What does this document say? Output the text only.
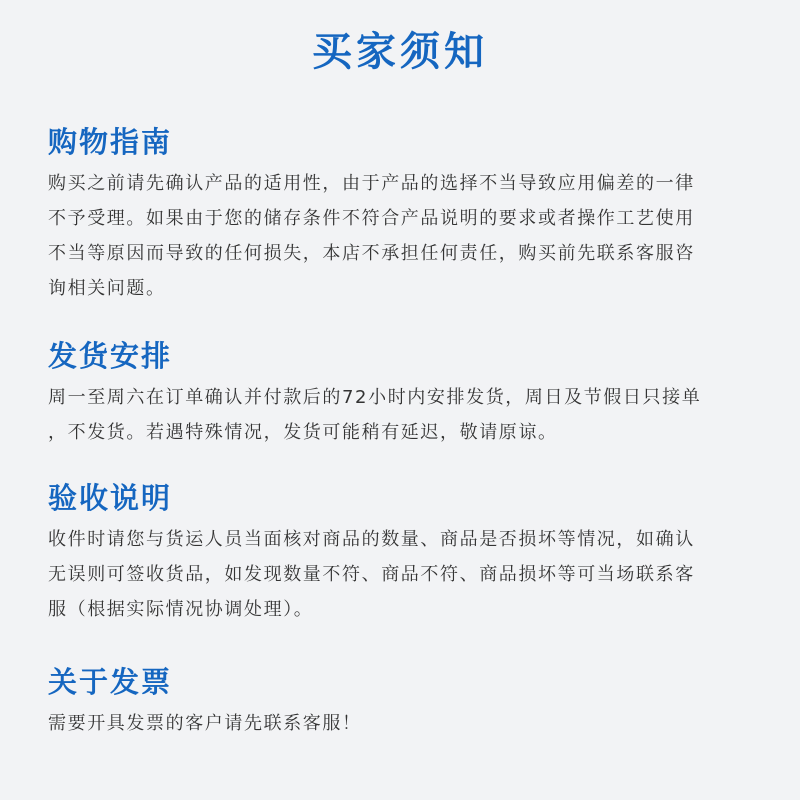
买家须知
购物指南

购买之前请先确认产品的适用性，由于产品的选择不当导致应用偏差的一律
不予受理。如果由于您的储存条件不符合产品说明的要求或者操作工艺使用
不当等原因而导致的任何损失，本店不承担任何责任，购买前先联系客服咨
询相关问题。

发货安排

周一至周六在订单确认并付款后的72小时内安排发货，周日及节假日只接单
，不发货。若遇特殊情况，发货可能稍有延迟，敬请原谅。

验收说明

收件时请您与货运人员当面核对商品的数量、商品是否损坏等情况，如确认
无误则可签收货品，如发现数量不符、商品不符、商品损坏等可当场联系客
服（根据实际情况协调处理）。

关于发票

需要开具发票的客户请先联系客服！
